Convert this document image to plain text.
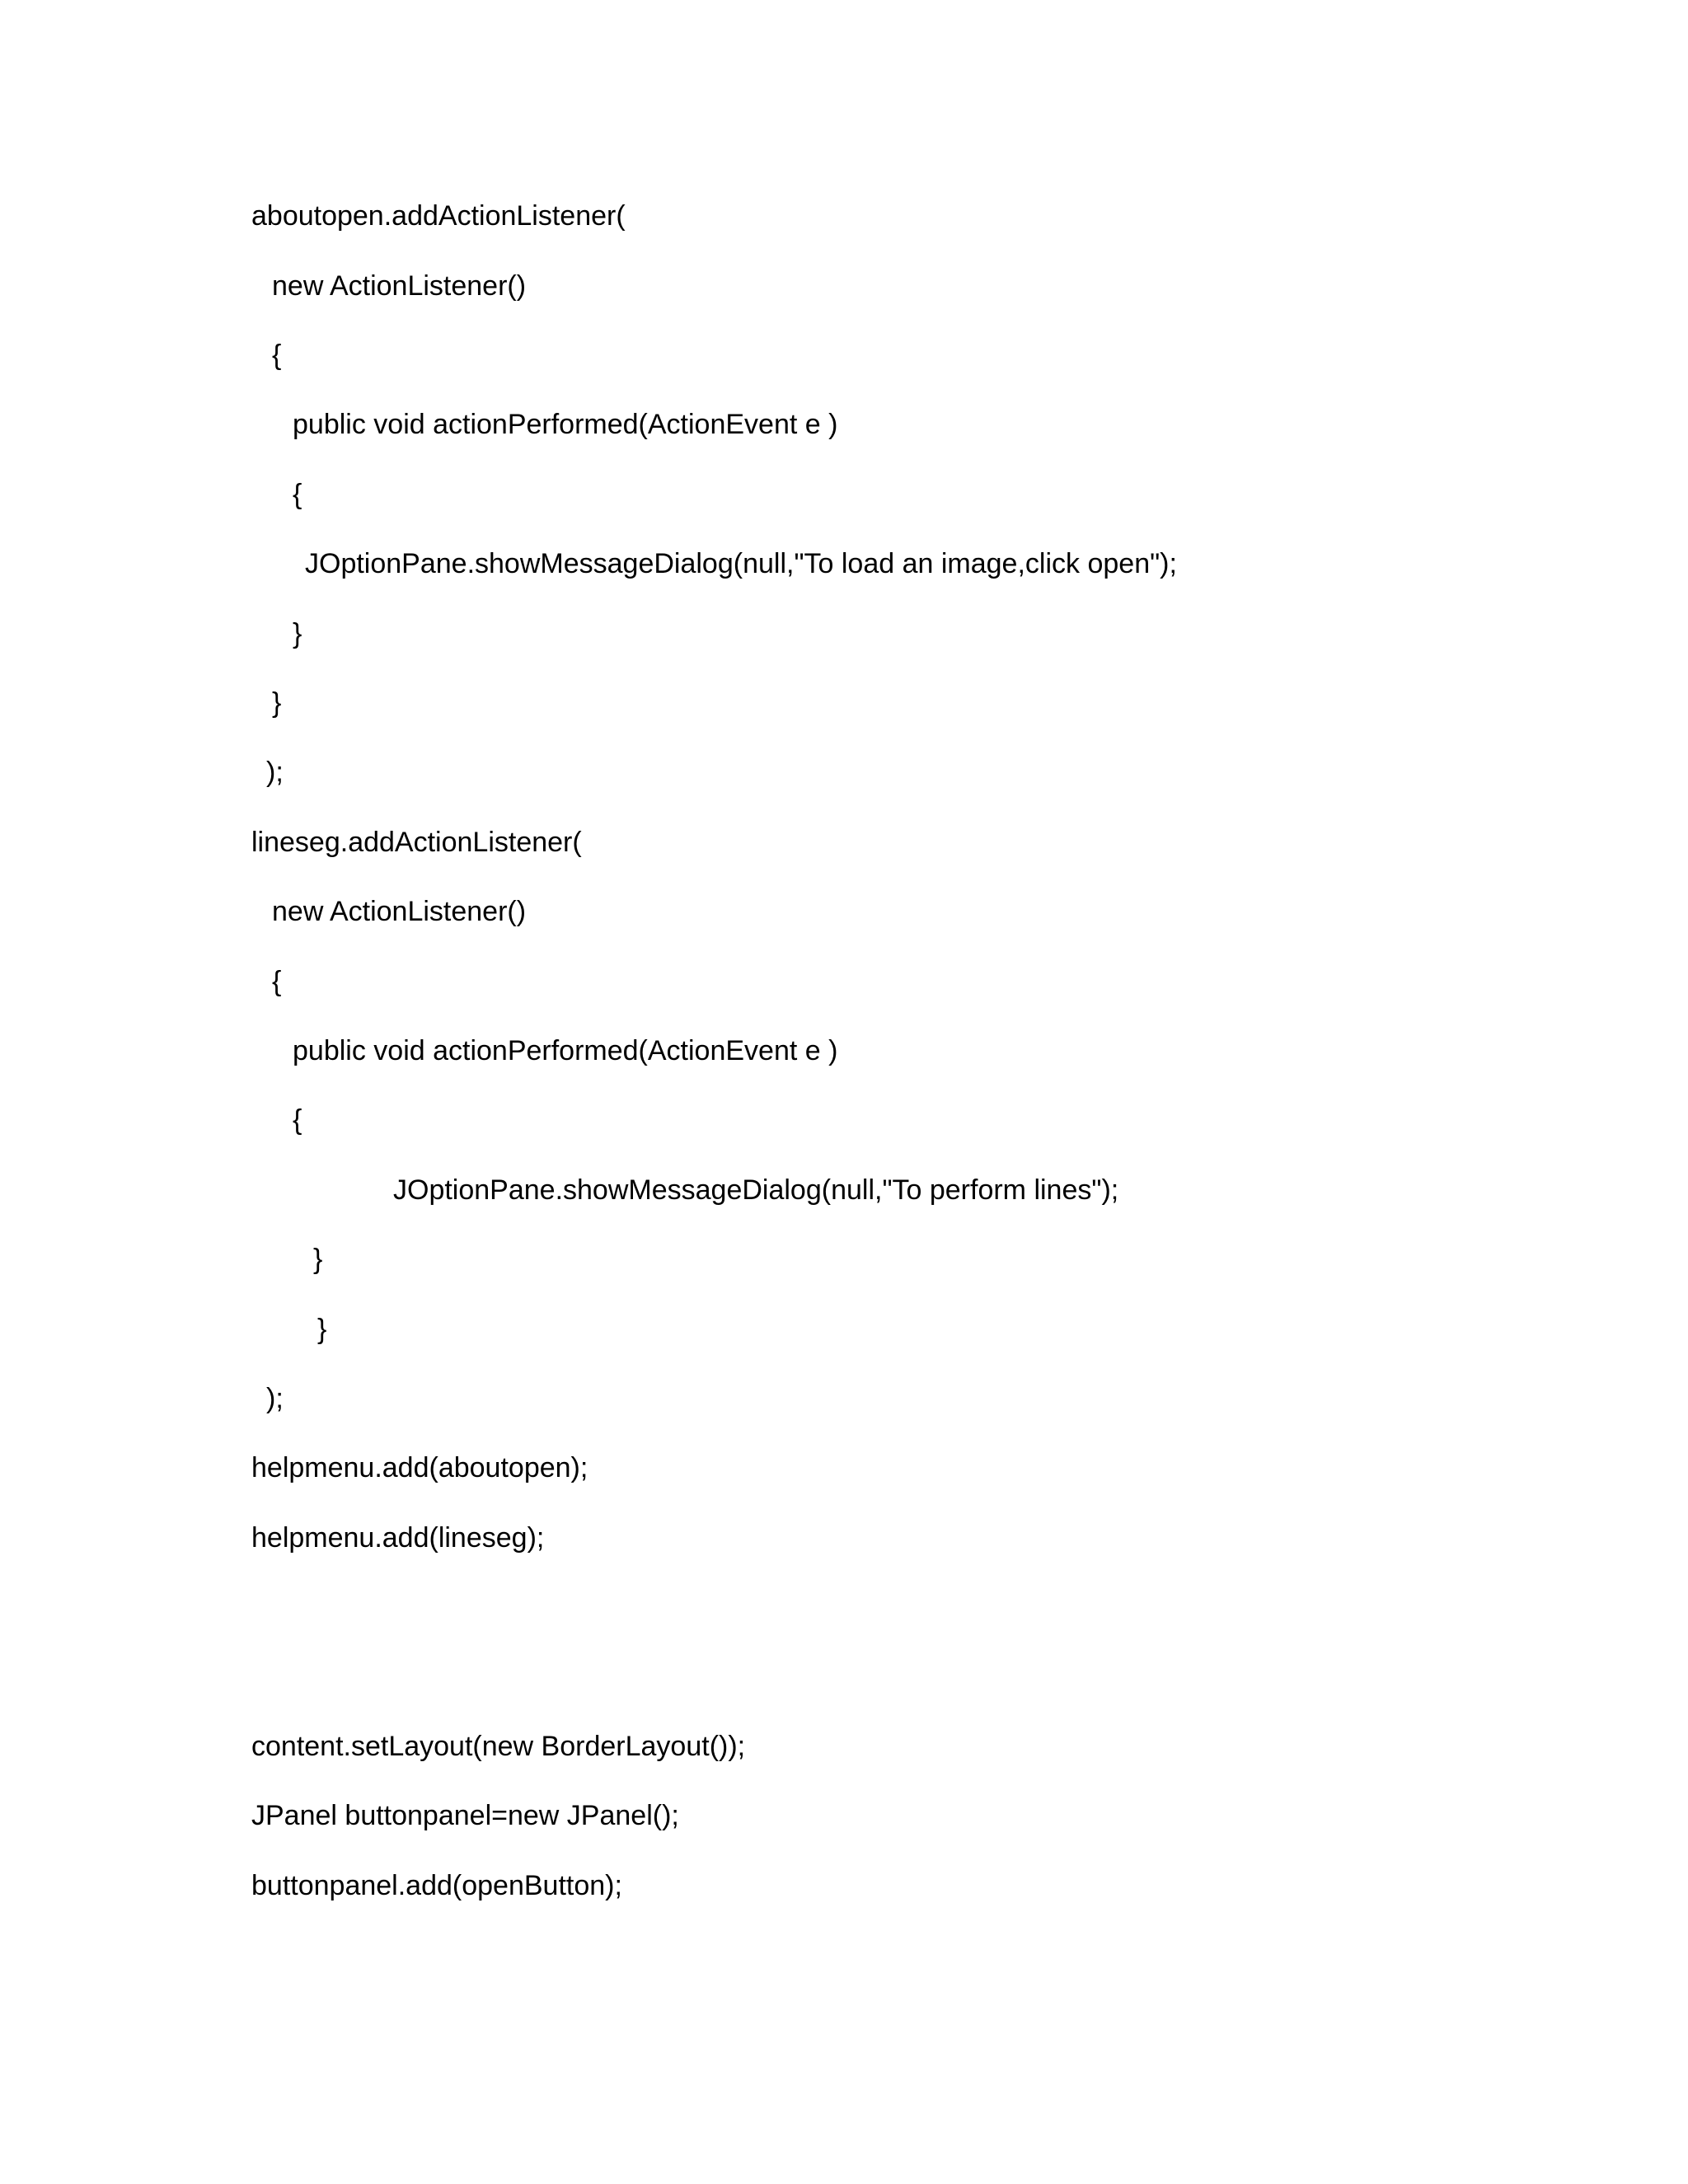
aboutopen.addActionListener(
new ActionListener()
{
public void actionPerformed(ActionEvent e )
{
JOptionPane.showMessageDialog(null,"To load an image,click open");
}
}
);
lineseg.addActionListener(
new ActionListener()
{
public void actionPerformed(ActionEvent e )
{
JOptionPane.showMessageDialog(null,"To perform lines");
}
}
);
helpmenu.add(aboutopen);
helpmenu.add(lineseg);
content.setLayout(new BorderLayout());
JPanel buttonpanel=new JPanel();
buttonpanel.add(openButton);
